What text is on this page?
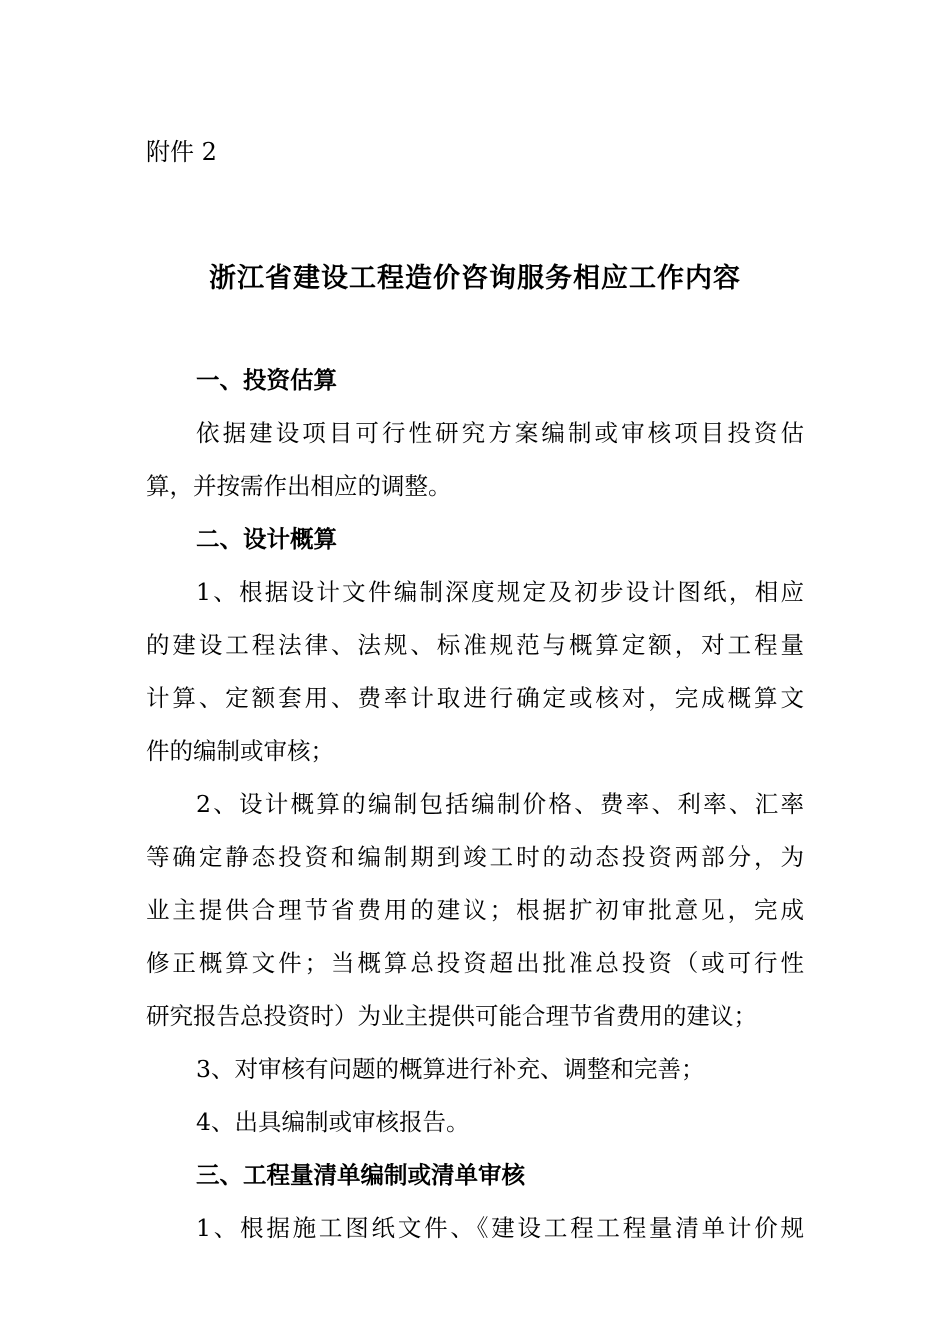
附件 2
浙江省建设工程造价咨询服务相应工作内容
一、投资估算
依据建设项目可行性研究方案编制或审核项目投资估
算，并按需作出相应的调整。
二、设计概算
1、根据设计文件编制深度规定及初步设计图纸，相应
的建设工程法律、法规、标准规范与概算定额，对工程量
计算、定额套用、费率计取进行确定或核对，完成概算文
件的编制或审核；
2、设计概算的编制包括编制价格、费率、利率、汇率
等确定静态投资和编制期到竣工时的动态投资两部分，为
业主提供合理节省费用的建议；根据扩初审批意见，完成
修正概算文件；当概算总投资超出批准总投资（或可行性
研究报告总投资时）为业主提供可能合理节省费用的建议；
3、对审核有问题的概算进行补充、调整和完善；
4、出具编制或审核报告。
三、工程量清单编制或清单审核
1、根据施工图纸文件、《建设工程工程量清单计价规
